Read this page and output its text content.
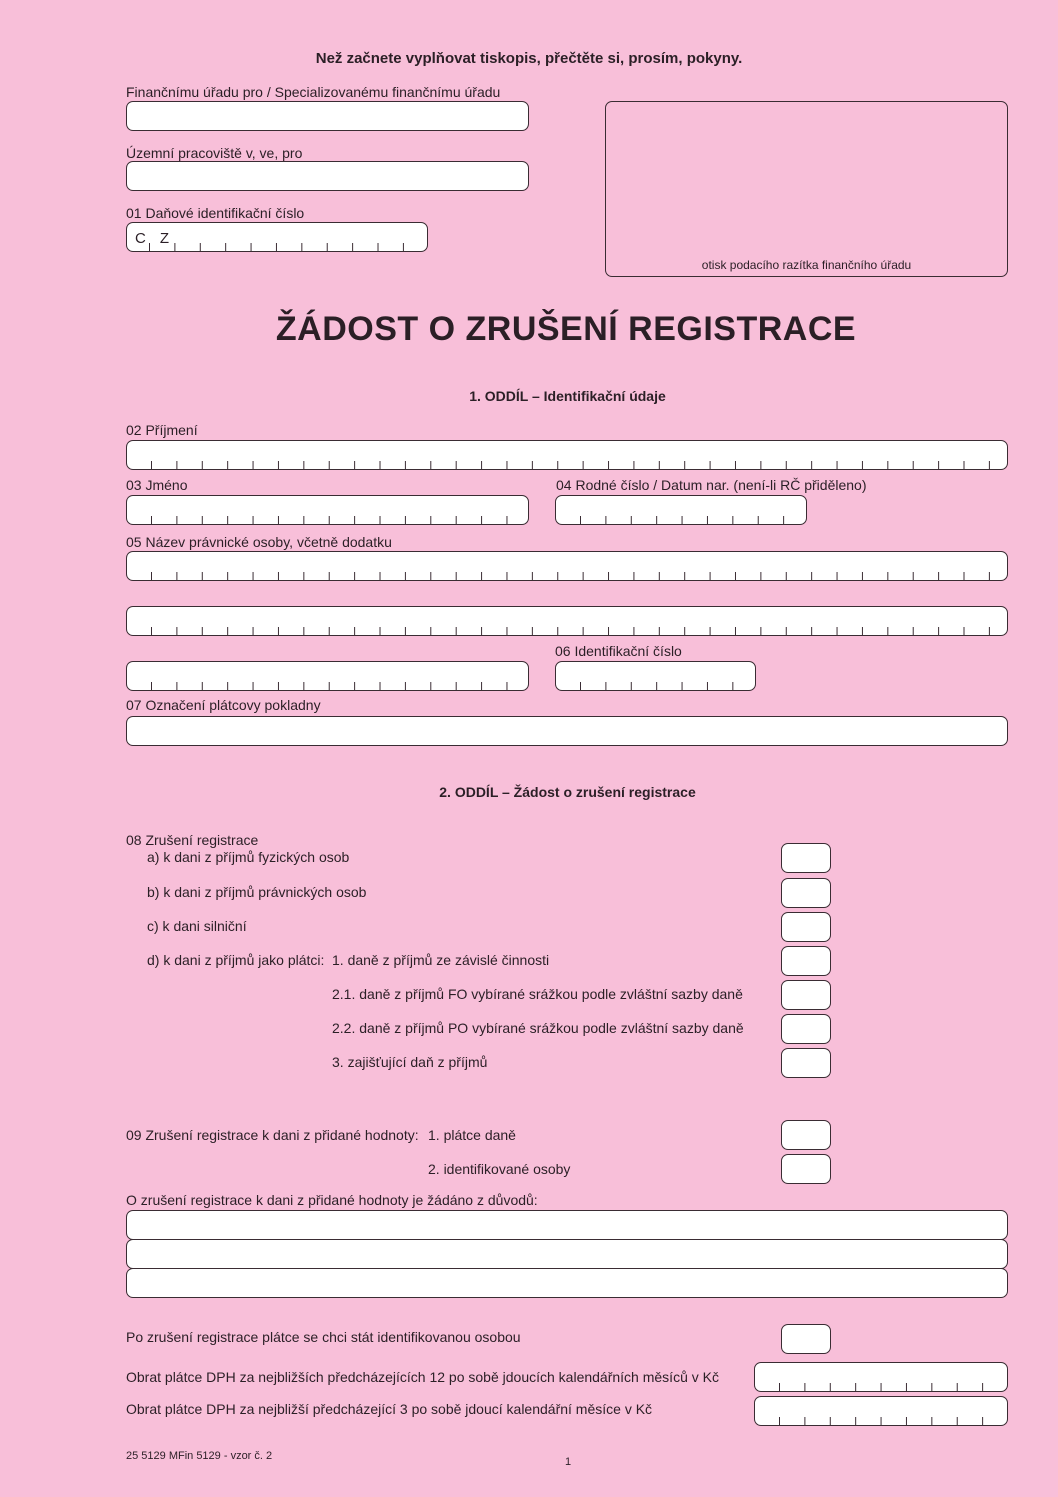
Než začnete vyplňovat tiskopis, přečtěte si, prosím, pokyny.
Finančnímu úřadu pro / Specializovanému finančnímu úřadu
Územní pracoviště v, ve, pro
01 Daňové identifikační číslo
CZ
otisk podacího razítka finančního úřadu
ŽÁDOST O ZRUŠENÍ REGISTRACE
1. ODDÍL – Identifikační údaje
02 Příjmení
03 Jméno	04 Rodné číslo / Datum nar. (není-li RČ přiděleno)
05 Název právnické osoby, včetně dodatku
06 Identifikační číslo
07 Označení plátcovy pokladny
2. ODDÍL – Žádost o zrušení registrace
08 Zrušení registrace
a) k dani z příjmů fyzických osob
b) k dani z příjmů právnických osob
c) k dani silniční
d) k dani z příjmů jako plátci: 1. daně z příjmů ze závislé činnosti
2.1. daně z příjmů FO vybírané srážkou podle zvláštní sazby daně
2.2. daně z příjmů PO vybírané srážkou podle zvláštní sazby daně
3. zajišťující daň z příjmů
09 Zrušení registrace k dani z přidané hodnoty: 1. plátce daně
2. identifikované osoby
O zrušení registrace k dani z přidané hodnoty je žádáno z důvodů:
Po zrušení registrace plátce se chci stát identifikovanou osobou
Obrat plátce DPH za nejbližších předcházejících 12 po sobě jdoucích kalendářních měsíců v Kč
Obrat plátce DPH za nejbližší předcházející 3 po sobě jdoucí kalendářní měsíce v Kč
25 5129 MFin 5129 - vzor č. 2	1
